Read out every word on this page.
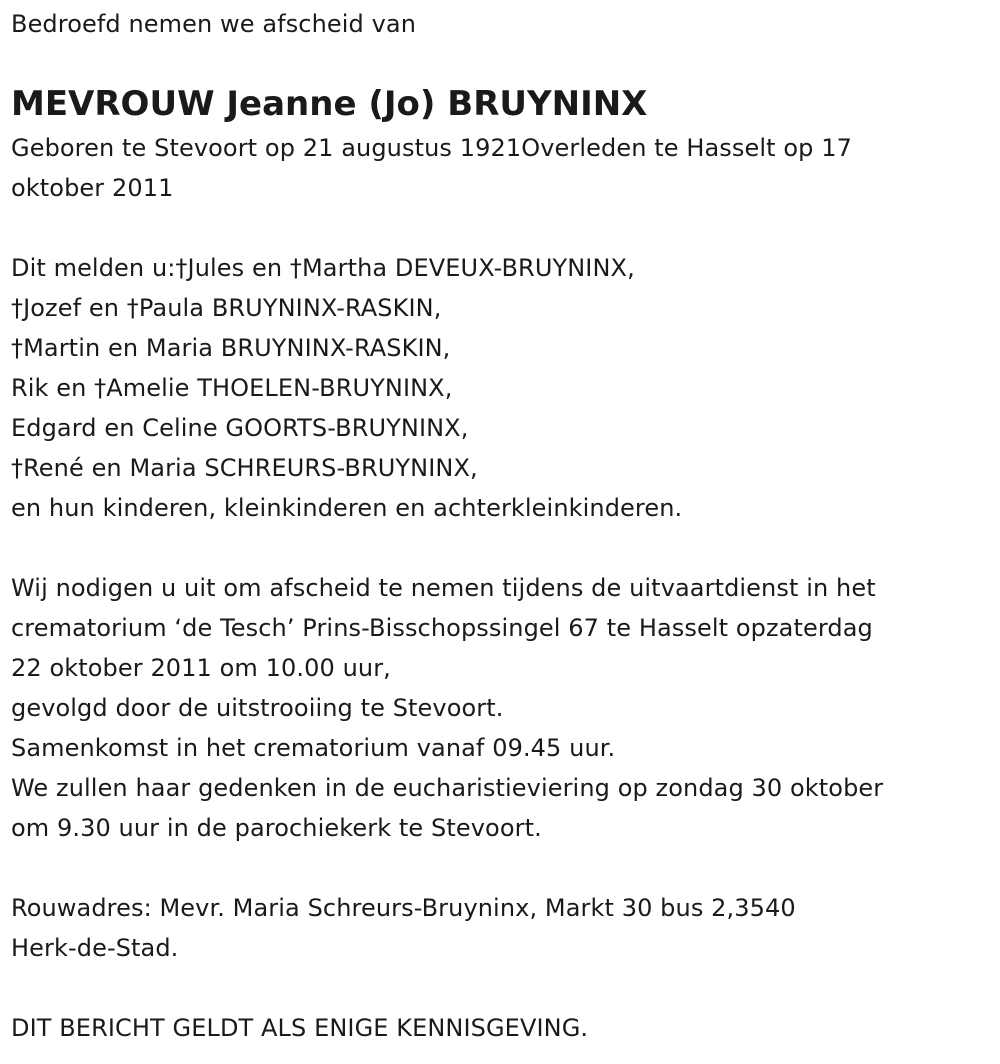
Bedroefd nemen we afscheid van
MEVROUW Jeanne (Jo) BRUYNINX
Geboren te Stevoort op 21 augustus 1921Overleden te Hasselt op 17
oktober 2011
Dit melden u:†Jules en †Martha DEVEUX-BRUYNINX,
†Jozef en †Paula BRUYNINX-RASKIN,
†Martin en Maria BRUYNINX-RASKIN,
Rik en †Amelie THOELEN-BRUYNINX,
Edgard en Celine GOORTS-BRUYNINX,
†René en Maria SCHREURS-BRUYNINX,
en hun kinderen, kleinkinderen en achterkleinkinderen.
Wij nodigen u uit om afscheid te nemen tijdens de uitvaartdienst in het
crematorium ‘de Tesch’ Prins-Bisschopssingel 67 te Hasselt opzaterdag
22 oktober 2011 om 10.00 uur,
gevolgd door de uitstrooiing te Stevoort.
Samenkomst in het crematorium vanaf 09.45 uur.
We zullen haar gedenken in de eucharistieviering op zondag 30 oktober
om 9.30 uur in de parochiekerk te Stevoort.
Rouwadres: Mevr. Maria Schreurs-Bruyninx, Markt 30 bus 2,3540
Herk-de-Stad.
DIT BERICHT GELDT ALS ENIGE KENNISGEVING.
